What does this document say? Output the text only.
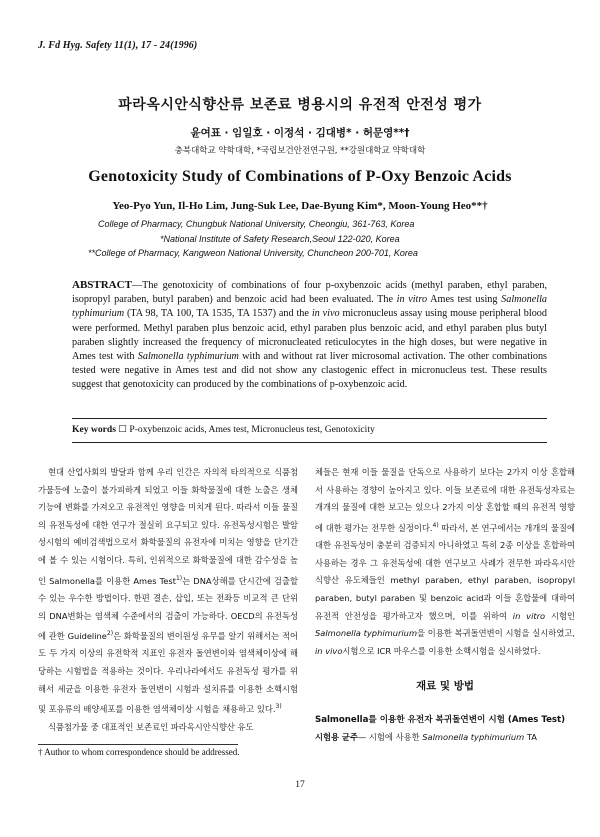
J. Fd Hyg. Safety 11(1), 17 - 24(1996)
파라옥시안식향산류 보존료 병용시의 유전적 안전성 평가
윤여표 · 임일호 · 이정석 · 김대병* · 허문영**†
충북대학교 약학대학, *국립보건안전연구원, **강원대학교 약학대학
Genotoxicity Study of Combinations of P-Oxy Benzoic Acids
Yeo-Pyo Yun, Il-Ho Lim, Jung-Suk Lee, Dae-Byung Kim*, Moon-Young Heo**†
College of Pharmacy, Chungbuk National University, Cheongiu, 361-763, Korea
*National Institute of Safety Research,Seoul 122-020, Korea
**College of Pharmacy, Kangweon National University, Chuncheon 200-701, Korea
ABSTRACT—The genotoxicity of combinations of four p-oxybenzoic acids (methyl paraben, ethyl paraben, isopropyl paraben, butyl paraben) and benzoic acid had been evaluated. The in vitro Ames test using Salmonella typhimurium (TA 98, TA 100, TA 1535, TA 1537) and the in vivo micronucleus assay using mouse peripheral blood were performed. Methyl paraben plus benzoic acid, ethyl paraben plus benzoic acid, and ethyl paraben plus butyl paraben slightly increased the frequency of micronucleated reticulocytes in the high doses, but were negative in Ames test with Salmonella typhimurium with and without rat liver microsomal activation. The other combinations tested were negative in Ames test and did not show any clastogenic effect in micronucleus test. These results suggest that genotoxicity can produced by the combinations of p-oxybenzoic acid.
Key words ☐ P-oxybenzoic acids, Ames test, Micronucleus test, Genotoxicity

현대 산업사회의 발달과 함께 우리 인간은 자의적 타의적으로 식품첨가물등에 노출이 불가피하게 되었고 이들 화학물질에 대한 노출은 생체기능에 변화를 가져오고 유전적인 영향을 미치게 된다. 따라서 이들 물질의 유전독성에 대한 연구가 절실히 요구되고 있다. 유전독성시험은 발암성시험의 예비검색법으로서 화학물질의 유전자에 미치는 영향을 단기간에 볼 수 있는 시험이다. 특히, 인위적으로 화학물질에 대한 감수성을 높인 Salmonella를 이용한 Ames Test$^{1)}$는 DNA상해를 단시간에 검출할 수 있는 우수한 방법이다. 한편 결손, 삽입, 또는 전좌등 비교적 큰 단위의 DNA변화는 염색체 수준에서의 검출이 가능하다. OECD의 유전독성에 관한 Guideline$^{2)}$은 화학물질의 변이원성 유무를 알기 위해서는 적어도 두 가지 이상의 유전학적 지표인 유전자 돌연변이와 염색체이상에 해당하는 시험법을 적용하는 것이다. 우리나라에서도 유전독성 평가를 위해서 세균을 이용한 유전자 돌연변이 시험과 설치류를 이용한 소핵시험 및 포유류의 배양세포를 이용한 염색체이상 시험을 채용하고 있다.$^{3)}$

식품첨가물 중 대표적인 보존료인 파라옥시안식향산 유도

체들은 현재 이들 물질을 단독으로 사용하기 보다는 2가지 이상 혼합해서 사용하는 경향이 높아지고 있다. 이들 보존료에 대한 유전독성자료는 개개의 물질에 대한 보고는 있으나 2가지 이상 혼합할 때의 유전적 영향에 대한 평가는 전무한 실정이다.$^{4)}$ 따라서, 본 연구에서는 개개의 물질에 대한 유전독성이 충분히 검증되지 아니하였고 특히 2종 이상을 혼합하여 사용하는 경우 그 유전독성에 대한 연구보고 사례가 전무한 파라옥시안식향산 유도체들인 methyl paraben, ethyl paraben, isopropyl paraben, butyl paraben 및 benzoic acid과 이들 혼합물에 대하여 유전적 안전성을 평가하고자 했으며, 이를 위하여 in vitro 시험인 Salmonella typhimurium을 이용한 복귀돌연변이 시험을 실시하였고, in vivo시험으로 ICR 마우스를 이용한 소핵시험을 실시하였다.

재료 및 방법

Salmonella를 이용한 유전자 복귀돌연변이 시험 (Ames Test)

시험용 균주— 시험에 사용한 Salmonella typhimurium TA

† Author to whom correspondence should be addressed.
17
